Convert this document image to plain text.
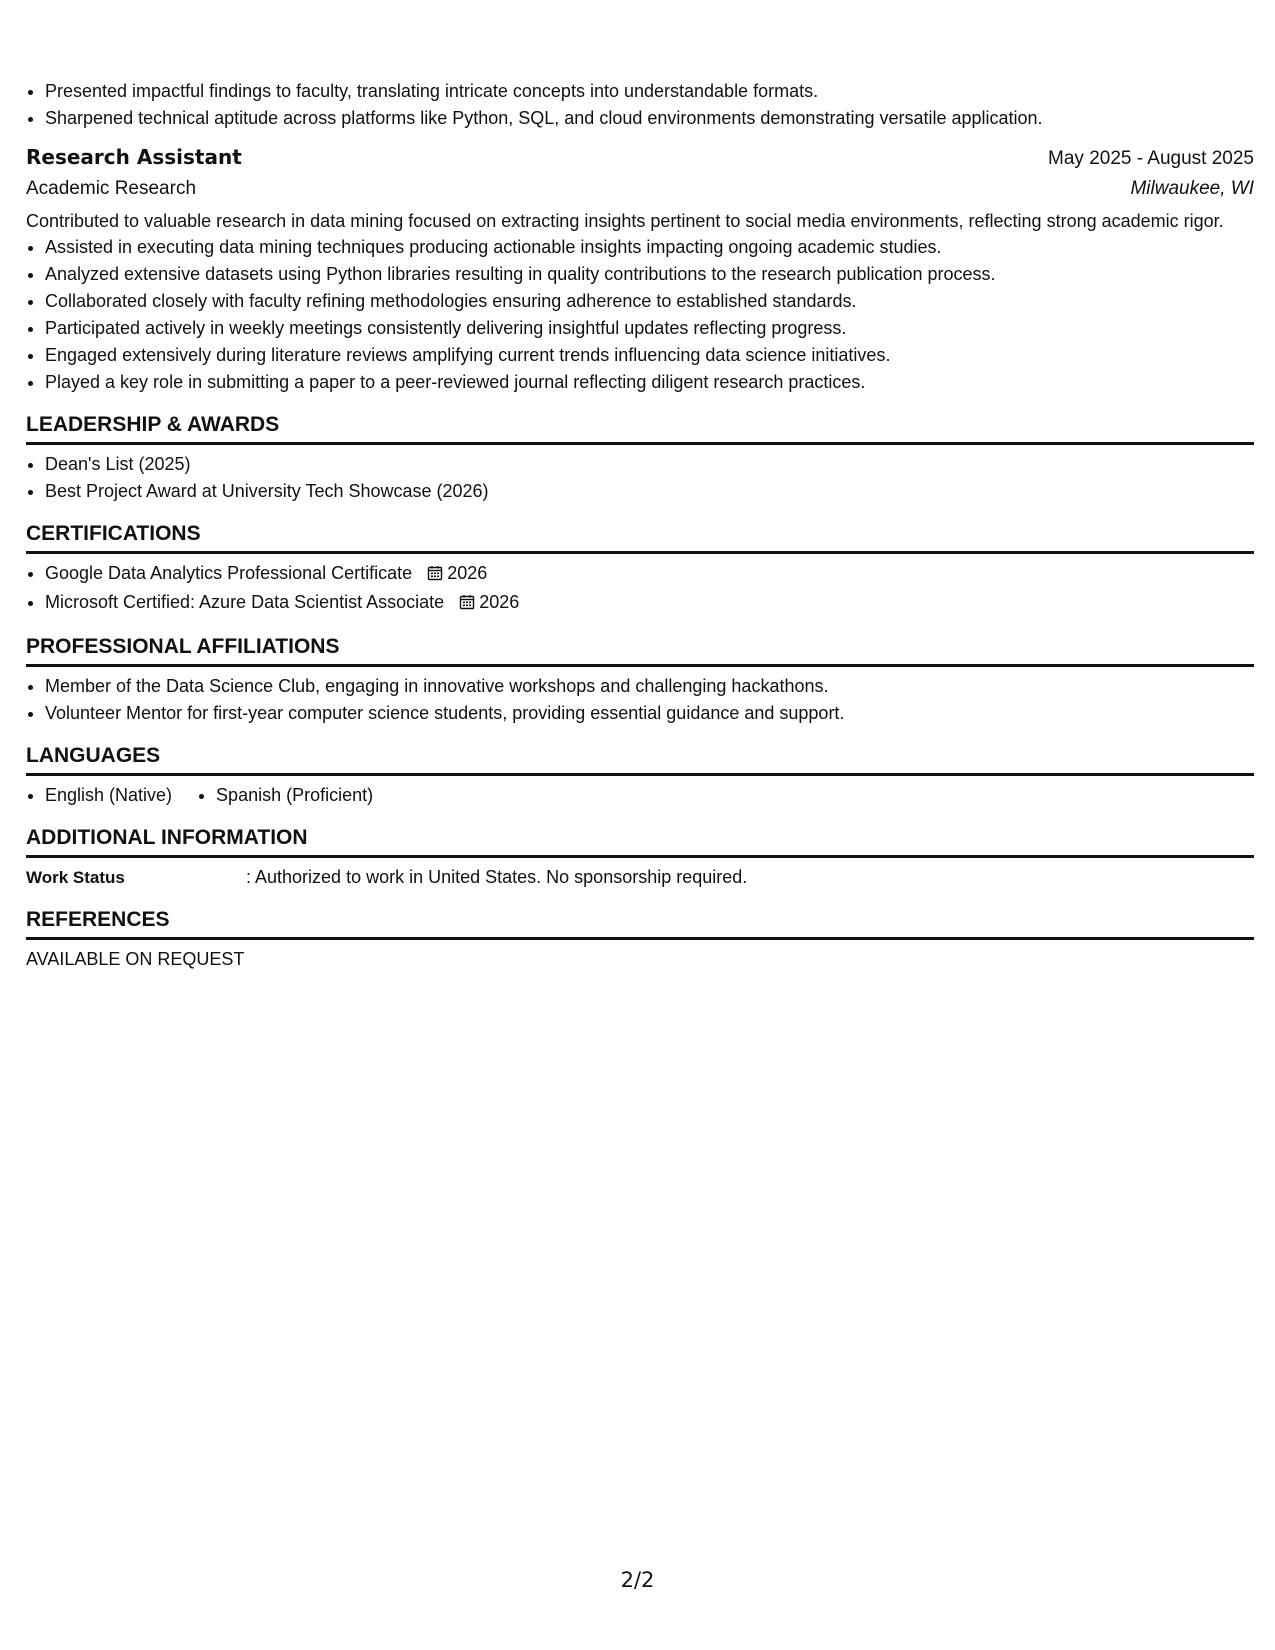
• Presented impactful findings to faculty, translating intricate concepts into understandable formats.
• Sharpened technical aptitude across platforms like Python, SQL, and cloud environments demonstrating versatile application.
Research Assistant	May 2025 - August 2025
Academic Research	Milwaukee, WI
Contributed to valuable research in data mining focused on extracting insights pertinent to social media environments, reflecting strong academic rigor.
• Assisted in executing data mining techniques producing actionable insights impacting ongoing academic studies.
• Analyzed extensive datasets using Python libraries resulting in quality contributions to the research publication process.
• Collaborated closely with faculty refining methodologies ensuring adherence to established standards.
• Participated actively in weekly meetings consistently delivering insightful updates reflecting progress.
• Engaged extensively during literature reviews amplifying current trends influencing data science initiatives.
• Played a key role in submitting a paper to a peer-reviewed journal reflecting diligent research practices.
LEADERSHIP & AWARDS
• Dean's List (2025)
• Best Project Award at University Tech Showcase (2026)
CERTIFICATIONS
• Google Data Analytics Professional Certificate 2026
• Microsoft Certified: Azure Data Scientist Associate 2026
PROFESSIONAL AFFILIATIONS
• Member of the Data Science Club, engaging in innovative workshops and challenging hackathons.
• Volunteer Mentor for first-year computer science students, providing essential guidance and support.
LANGUAGES
• English (Native)
• Spanish (Proficient)
ADDITIONAL INFORMATION
Work Status	: Authorized to work in United States. No sponsorship required.
REFERENCES
AVAILABLE ON REQUEST
2/2
